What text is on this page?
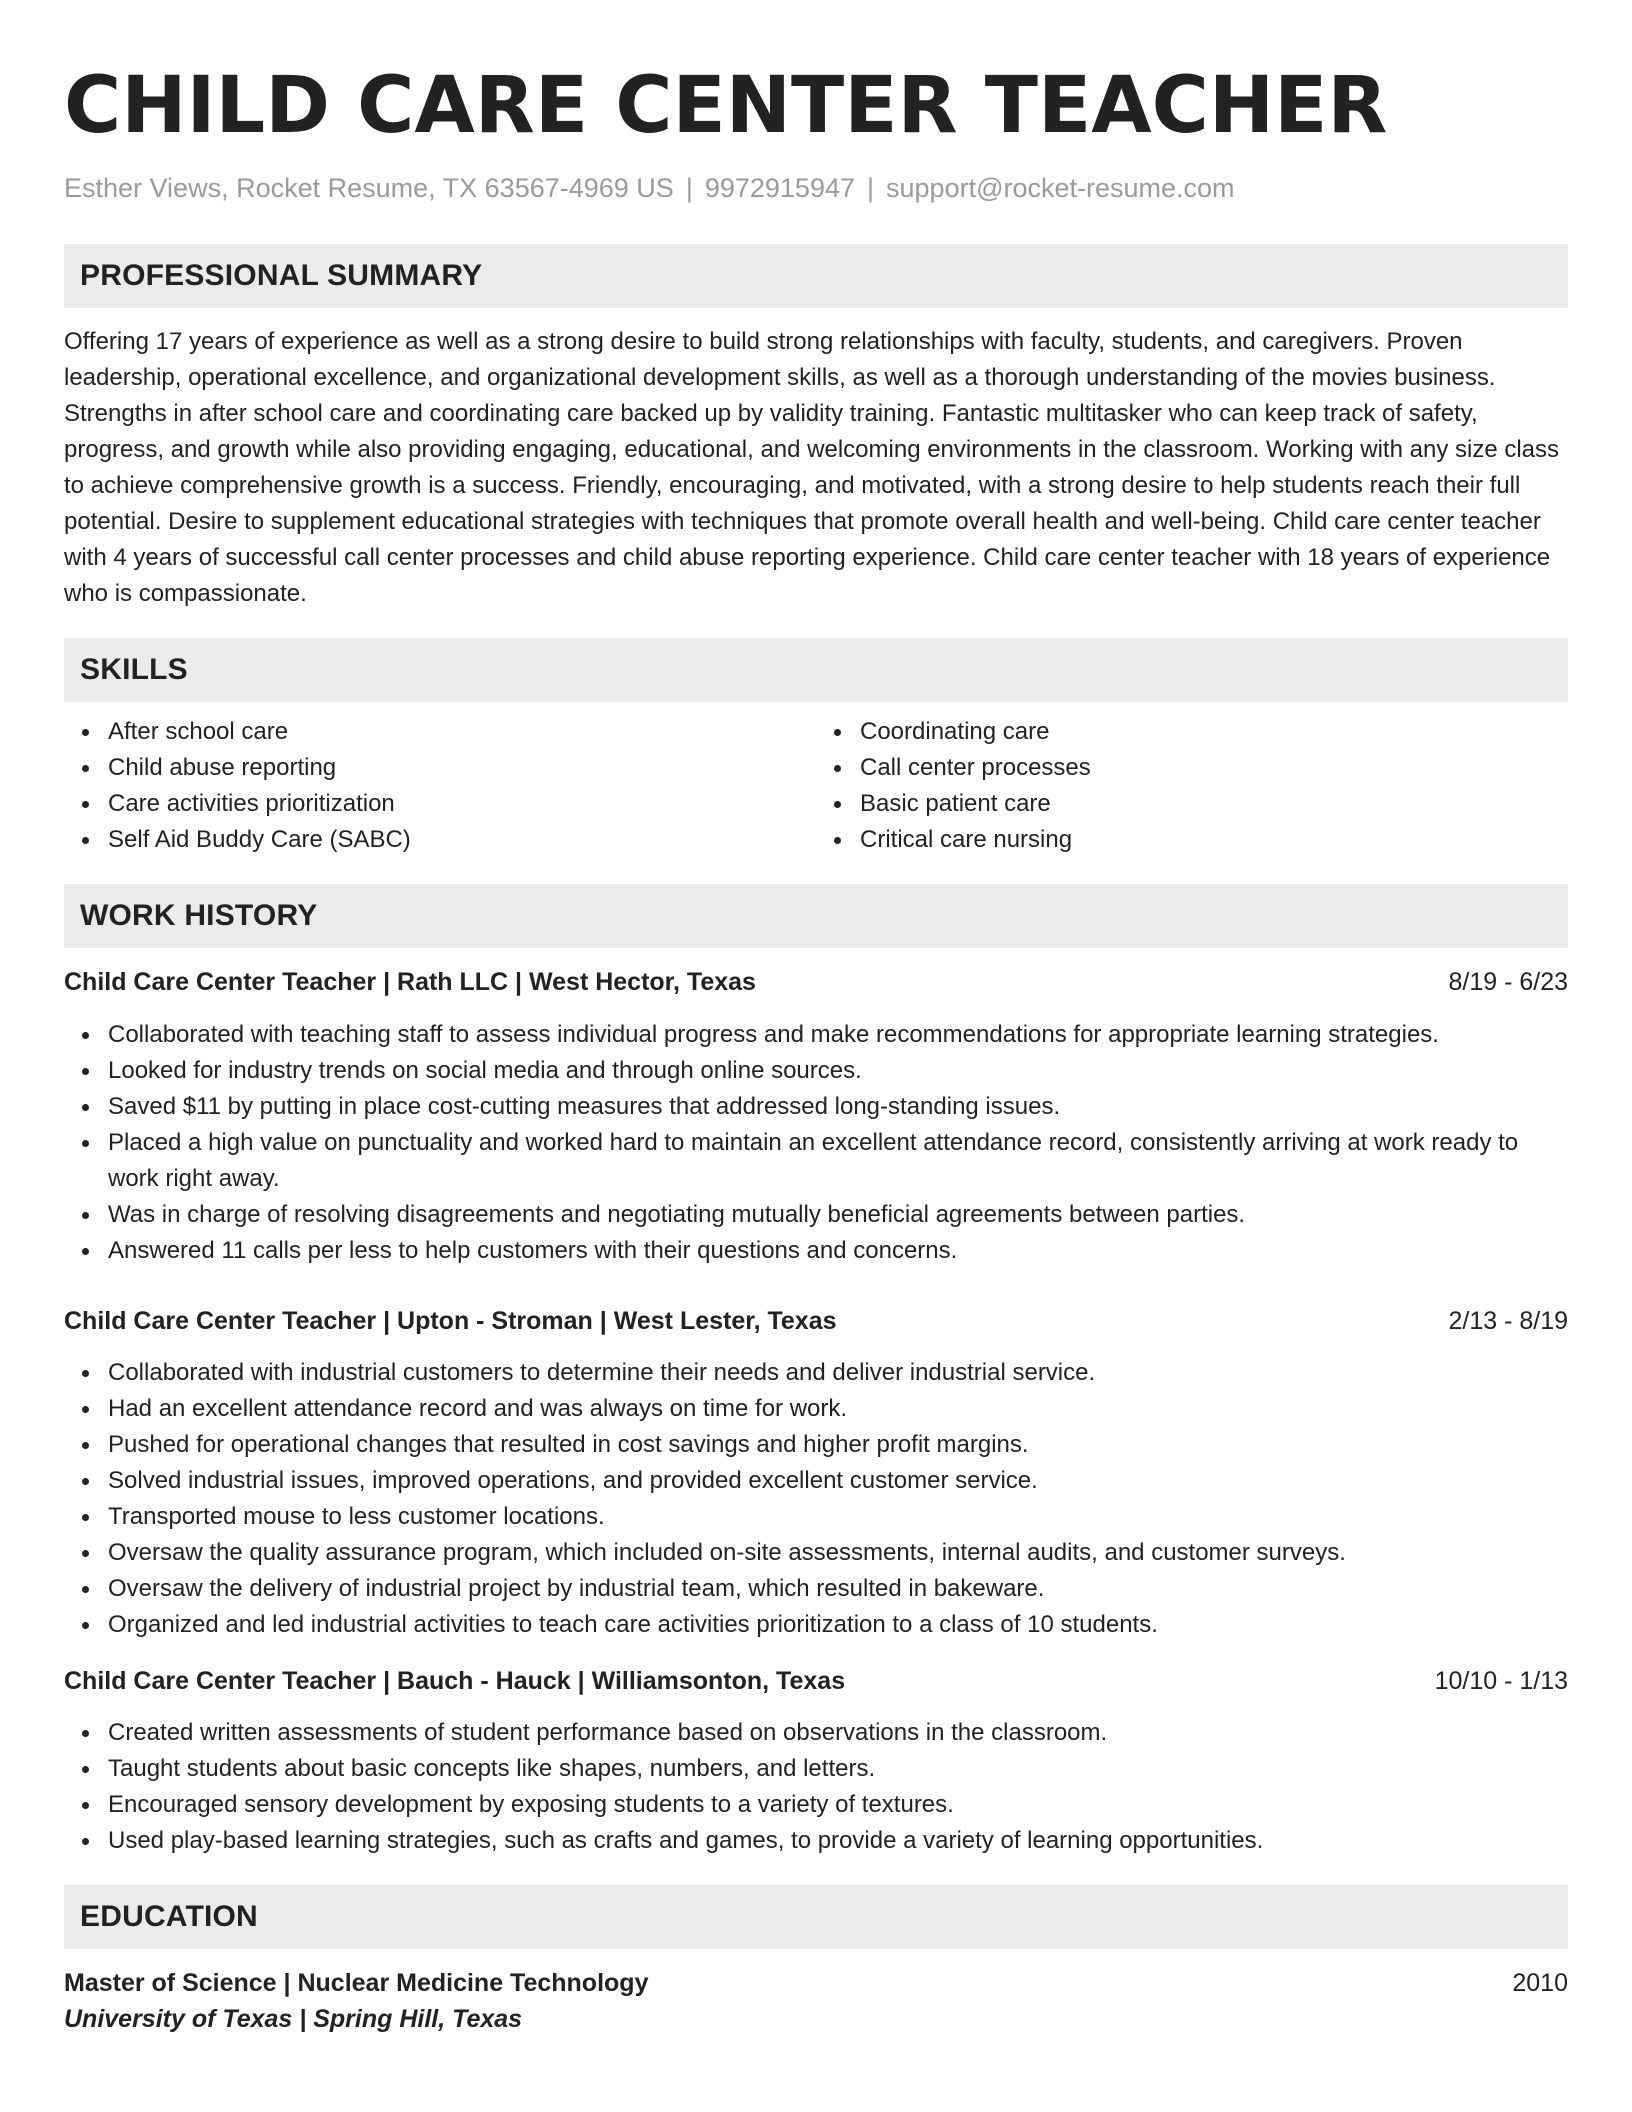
CHILD CARE CENTER TEACHER
Esther Views, Rocket Resume, TX 63567-4969 US | 9972915947 | support@rocket-resume.com
PROFESSIONAL SUMMARY
Offering 17 years of experience as well as a strong desire to build strong relationships with faculty, students, and caregivers. Proven leadership, operational excellence, and organizational development skills, as well as a thorough understanding of the movies business. Strengths in after school care and coordinating care backed up by validity training. Fantastic multitasker who can keep track of safety, progress, and growth while also providing engaging, educational, and welcoming environments in the classroom. Working with any size class to achieve comprehensive growth is a success. Friendly, encouraging, and motivated, with a strong desire to help students reach their full potential. Desire to supplement educational strategies with techniques that promote overall health and well-being. Child care center teacher with 4 years of successful call center processes and child abuse reporting experience. Child care center teacher with 18 years of experience who is compassionate.
SKILLS
After school care
Child abuse reporting
Care activities prioritization
Self Aid Buddy Care (SABC)
Coordinating care
Call center processes
Basic patient care
Critical care nursing
WORK HISTORY
Child Care Center Teacher | Rath LLC | West Hector, Texas	8/19 - 6/23
Collaborated with teaching staff to assess individual progress and make recommendations for appropriate learning strategies.
Looked for industry trends on social media and through online sources.
Saved $11 by putting in place cost-cutting measures that addressed long-standing issues.
Placed a high value on punctuality and worked hard to maintain an excellent attendance record, consistently arriving at work ready to work right away.
Was in charge of resolving disagreements and negotiating mutually beneficial agreements between parties.
Answered 11 calls per less to help customers with their questions and concerns.
Child Care Center Teacher | Upton - Stroman | West Lester, Texas	2/13 - 8/19
Collaborated with industrial customers to determine their needs and deliver industrial service.
Had an excellent attendance record and was always on time for work.
Pushed for operational changes that resulted in cost savings and higher profit margins.
Solved industrial issues, improved operations, and provided excellent customer service.
Transported mouse to less customer locations.
Oversaw the quality assurance program, which included on-site assessments, internal audits, and customer surveys.
Oversaw the delivery of industrial project by industrial team, which resulted in bakeware.
Organized and led industrial activities to teach care activities prioritization to a class of 10 students.
Child Care Center Teacher | Bauch - Hauck | Williamsonton, Texas	10/10 - 1/13
Created written assessments of student performance based on observations in the classroom.
Taught students about basic concepts like shapes, numbers, and letters.
Encouraged sensory development by exposing students to a variety of textures.
Used play-based learning strategies, such as crafts and games, to provide a variety of learning opportunities.
EDUCATION
Master of Science | Nuclear Medicine Technology	2010
University of Texas | Spring Hill, Texas
